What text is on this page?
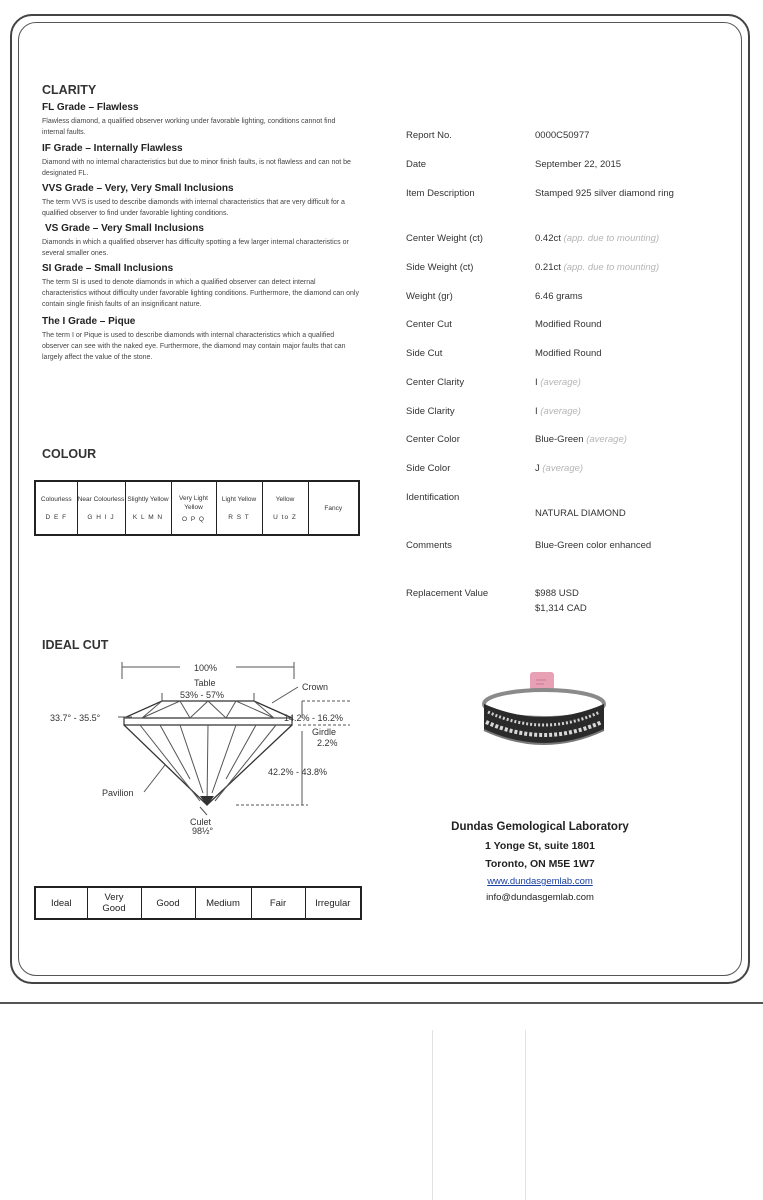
CLARITY
FL Grade – Flawless
Flawless diamond, a qualified observer working under favorable lighting, conditions cannot find internal faults.
IF Grade – Internally Flawless
Diamond with no internal characteristics but due to minor finish faults, is not flawless and can not be designated FL.
VVS Grade – Very, Very Small Inclusions
The term VVS is used to describe diamonds with internal characteristics that are very difficult for a qualified observer to find under favorable lighting conditions.
VS Grade – Very Small Inclusions
Diamonds in which a qualified observer has difficulty spotting a few larger internal characteristics or several smaller ones.
SI Grade – Small Inclusions
The term SI is used to denote diamonds in which a qualified observer can detect internal characteristics without difficulty under favorable lighting conditions. Furthermore, the diamond can only contain single finish faults of an insignificant nature.
The I Grade – Pique
The term I or Pique is used to describe diamonds with internal characteristics which a qualified observer can see with the naked eye. Furthermore, the diamond may contain major faults that can largely affect the value of the stone.
COLOUR
Colourless
D E F

Near Colourless
G H I J

Slightly Yellow
K L M N

Very Light Yellow
O P Q

Light Yellow
R S T

Yellow
U to Z

Fancy
IDEAL CUT
100%
Table
53% - 57%
Crown
33.7° - 35.5°	14.2% - 16.2%
Girdle
2.2%
Pavilion
42.2% - 43.8%
Culet
98½°
Ideal	Very Good	Good	Medium	Fair	Irregular
Report No.	0000C50977
Date	September 22, 2015
Item Description	Stamped 925 silver diamond ring
Center Weight (ct)	0.42ct (app. due to mounting)
Side Weight (ct)	0.21ct (app. due to mounting)
Weight (gr)	6.46 grams
Center Cut	Modified Round
Side Cut	Modified Round
Center Clarity	I (average)
Side Clarity	I (average)
Center Color	Blue-Green (average)
Side Color	J (average)
Identification
NATURAL DIAMOND
Comments	Blue-Green color enhanced
Replacement Value	$988 USD
$1,314 CAD
Dundas Gemological Laboratory
1 Yonge St, suite 1801
Toronto, ON M5E 1W7
www.dundasgemlab.com
info@dundasgemlab.com
